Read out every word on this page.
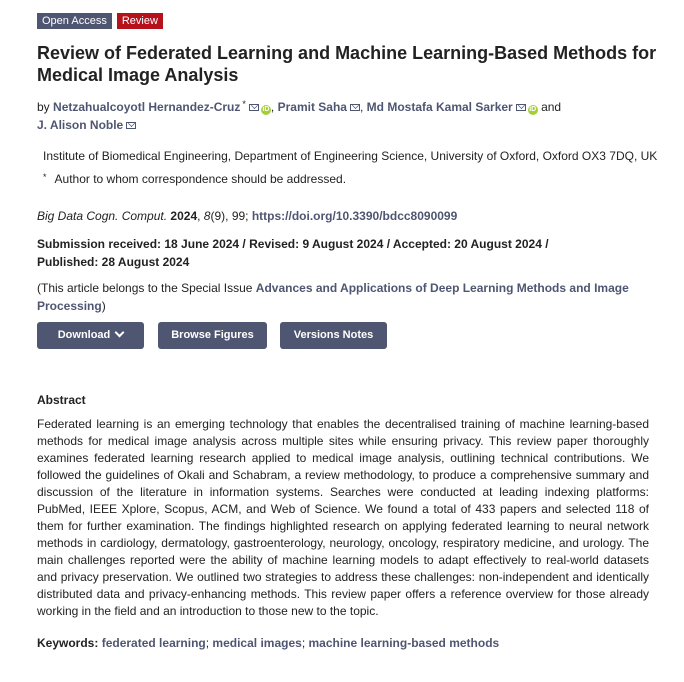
Open Access	Review
Review of Federated Learning and Machine Learning-Based Methods for Medical Image Analysis
by Netzahualcoyotl Hernandez-Cruz *iD , Pramit Saha , Md Mostafa Kamal Sarker iD and
J. Alison Noble
Institute of Biomedical Engineering, Department of Engineering Science, University of Oxford, Oxford OX3 7DQ, UK
* Author to whom correspondence should be addressed.
Big Data Cogn. Comput. 2024, 8(9), 99; https://doi.org/10.3390/bdcc8090099
Submission received: 18 June 2024 / Revised: 9 August 2024 / Accepted: 20 August 2024 / Published: 28 August 2024
(This article belongs to the Special Issue Advances and Applications of Deep Learning Methods and Image Processing)
Download	Browse Figures	Versions Notes
Abstract
Federated learning is an emerging technology that enables the decentralised training of machine learning-based methods for medical image analysis across multiple sites while ensuring privacy. This review paper thoroughly examines federated learning research applied to medical image analysis, outlining technical contributions. We followed the guidelines of Okali and Schabram, a review methodology, to produce a comprehensive summary and discussion of the literature in information systems. Searches were conducted at leading indexing platforms: PubMed, IEEE Xplore, Scopus, ACM, and Web of Science. We found a total of 433 papers and selected 118 of them for further examination. The findings highlighted research on applying federated learning to neural network methods in cardiology, dermatology, gastroenterology, neurology, oncology, respiratory medicine, and urology. The main challenges reported were the ability of machine learning models to adapt effectively to real-world datasets and privacy preservation. We outlined two strategies to address these challenges: non-independent and identically distributed data and privacy-enhancing methods. This review paper offers a reference overview for those already working in the field and an introduction to those new to the topic.
Keywords: federated learning; medical images; machine learning-based methods
